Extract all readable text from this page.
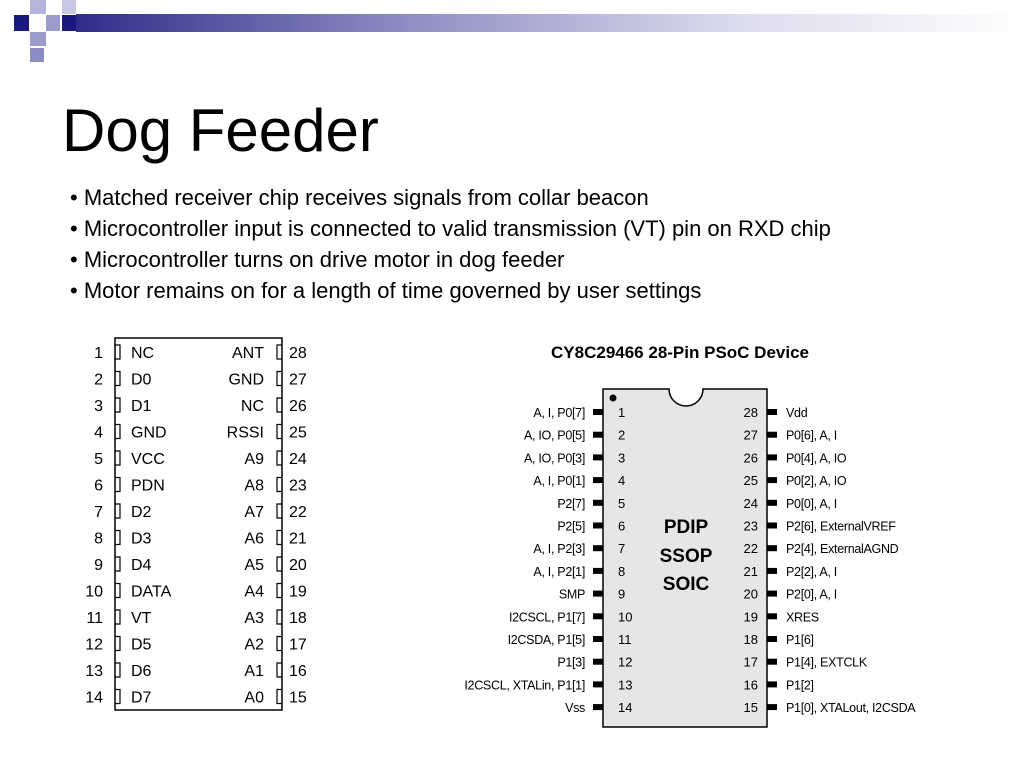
Dog Feeder
• Matched receiver chip receives signals from collar beacon
• Microcontroller input is connected to valid transmission (VT) pin on RXD chip
• Microcontroller turns on drive motor in dog feeder
• Motor remains on for a length of time governed by user settings
1 NC
2 D0
3 D1
4 GND
5 VCC
6 PDN
7 D2
8 D3
9 D4
10 DATA
11 VT
12 D5
13 D6
14 D7
28
ANT
27
GND
26
NC
25
RSSI
24
A9
23
A8
22
A7
21
A6
20
A5
19
A4
18
A3
17
A2
16
A1
15
A0
CY8C29466 28-Pin PSoC Device
PDIP
SSOP
SOIC
1
A, I, P0[7]
2
A, IO, P0[5]
3
A, IO, P0[3]
4
A, I, P0[1]
5
P2[7]
6
P2[5]
7
A, I, P2[3]
8
A, I, P2[1]
9
SMP
10
I2CSCL, P1[7]
11
I2CSDA, P1[5]
12
P1[3]
13
I2CSCL, XTALin, P1[1]
14
Vss
28 Vdd
27 P0[6], A, I
26 P0[4], A, IO
25 P0[2], A, IO
24 P0[0], A, I
23 P2[6], ExternalVREF
22 P2[4], ExternalAGND
21 P2[2], A, I
20 P2[0], A, I
19 XRES
18 P1[6]
17 P1[4], EXTCLK
16 P1[2]
15 P1[0], XTALout, I2CSDA
